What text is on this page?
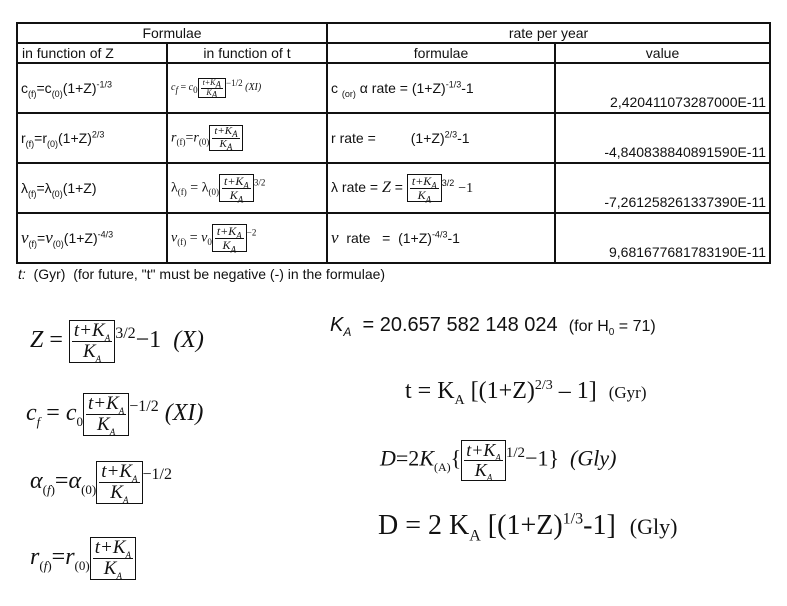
Formulae		rate per year	
in function of Z	in function of t	formulae	value
$c_{(f)}=c_{(0)}(1+Z)^{-1/3}$	$c_f = c_0 \frac{t+K_A}{K_A} ^{-1/2}$ (XI)	c $_{(or)}$ α rate = $(1+Z)^{-1/3}-1$	2,420411073287000E-11
$r_{(f)}=r_{(0)}(1+Z)^{2/3}$	$r_{(f)}=r_{(0)} \frac{t+K_A}{K_A}$	r rate =         $(1+Z)^{2/3}-1$	-4,840838840891590E-11
$\lambda_{(f)}=\lambda_{(0)}(1+Z)$	$\lambda_{(f)} = \lambda_{(0)} \frac{t+K_A}{K_A} ^{3/2}$	λ rate = $Z = \frac{t+K_A}{K_A} ^{3/2} -1$	-7,261258261337390E-11
$\nu_{(f)}=\nu_{(0)}(1+Z)^{-4/3}$	$\nu_{(f)} = \nu_0 \frac{t+K_A}{K_A} ^{-2}$	ν  rate   =  $(1+Z)^{-4/3}-1$	9,681677681783190E-11
t:  (Gyr)  (for future, "t" must be negative (-) in the formulae)
$Z = \frac{t+K_A}{K_A} ^{3/2}-1$  (X)
$c_f = c_0 \frac{t+K_A}{K_A} ^{-1/2}$ (XI)
$\alpha_{(f)}=\alpha_{(0)} \frac{t+K_A}{K_A} ^{-1/2}$
$r_{(f)}=r_{(0)} \frac{t+K_A}{K_A}$
$K_A = 20.657$ 582 148 024 (for $H_0 = 71$)
$t = K_A$ $[(1+Z)^{2/3} - 1]$ (Gyr)
$D=2K_{(A)}\{ \frac{t+K_A}{K_A} ^{1/2}-1\}$  (Gly)
D = 2 $K_A$ $[(1+Z)^{1/3}-1]$ (Gly)
